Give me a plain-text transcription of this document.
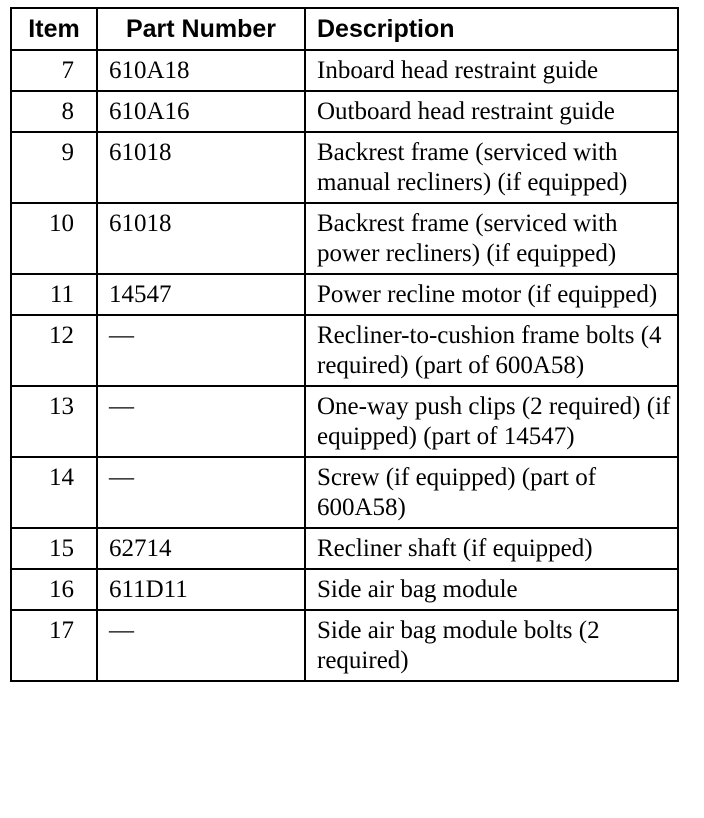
Item	Part Number	Description
7	610A18	Inboard head restraint guide
8	610A16	Outboard head restraint guide
9	61018	Backrest frame (serviced with manual recliners) (if equipped)
10	61018	Backrest frame (serviced with power recliners) (if equipped)
11	14547	Power recline motor (if equipped)
12	—	Recliner-to-cushion frame bolts (4 required) (part of 600A58)
13	—	One-way push clips (2 required) (if equipped) (part of 14547)
14	—	Screw (if equipped) (part of 600A58)
15	62714	Recliner shaft (if equipped)
16	611D11	Side air bag module
17	—	Side air bag module bolts (2 required)
